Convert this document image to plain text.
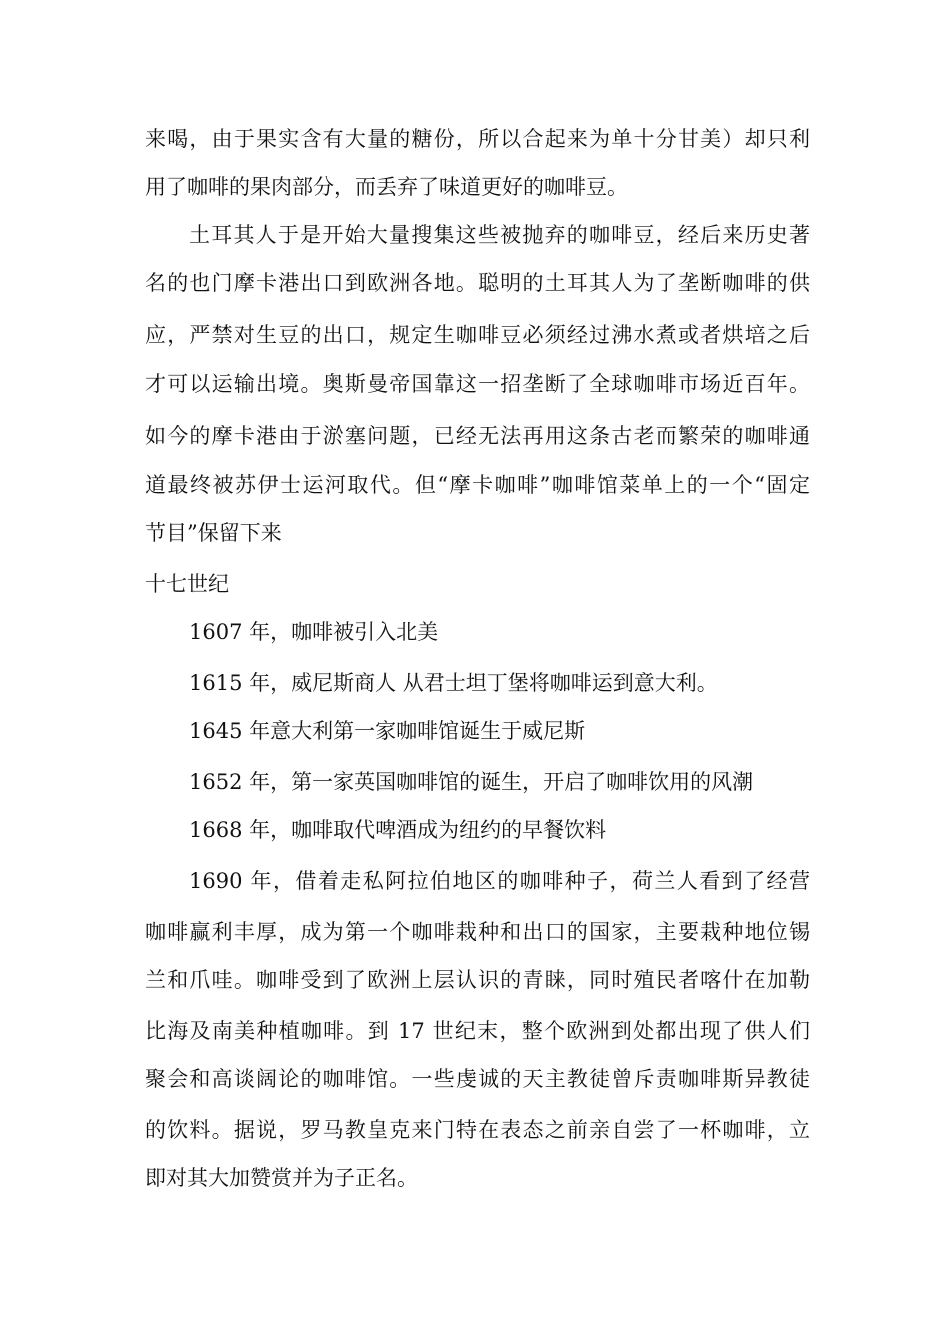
来喝，由于果实含有大量的糖份，所以合起来为单十分甘美）却只利
用了咖啡的果肉部分，而丢弃了味道更好的咖啡豆。
土耳其人于是开始大量搜集这些被抛弃的咖啡豆，经后来历史著
名的也门摩卡港出口到欧洲各地。聪明的土耳其人为了垄断咖啡的供
应，严禁对生豆的出口，规定生咖啡豆必须经过沸水煮或者烘培之后
才可以运输出境。奥斯曼帝国靠这一招垄断了全球咖啡市场近百年。
如今的摩卡港由于淤塞问题，已经无法再用这条古老而繁荣的咖啡通
道最终被苏伊士运河取代。但“摩卡咖啡”咖啡馆菜单上的一个“固定
节目”保留下来
十七世纪
1607 年，咖啡被引入北美
1615 年，威尼斯商人 从君士坦丁堡将咖啡运到意大利。
1645 年意大利第一家咖啡馆诞生于威尼斯
1652 年，第一家英国咖啡馆的诞生，开启了咖啡饮用的风潮
1668 年，咖啡取代啤酒成为纽约的早餐饮料
1690 年，借着走私阿拉伯地区的咖啡种子，荷兰人看到了经营
咖啡赢利丰厚，成为第一个咖啡栽种和出口的国家，主要栽种地位锡
兰和爪哇。咖啡受到了欧洲上层认识的青睐，同时殖民者喀什在加勒
比海及南美种植咖啡。到 17 世纪末，整个欧洲到处都出现了供人们
聚会和高谈阔论的咖啡馆。一些虔诚的天主教徒曾斥责咖啡斯异教徒
的饮料。据说，罗马教皇克来门特在表态之前亲自尝了一杯咖啡，立
即对其大加赞赏并为子正名。
